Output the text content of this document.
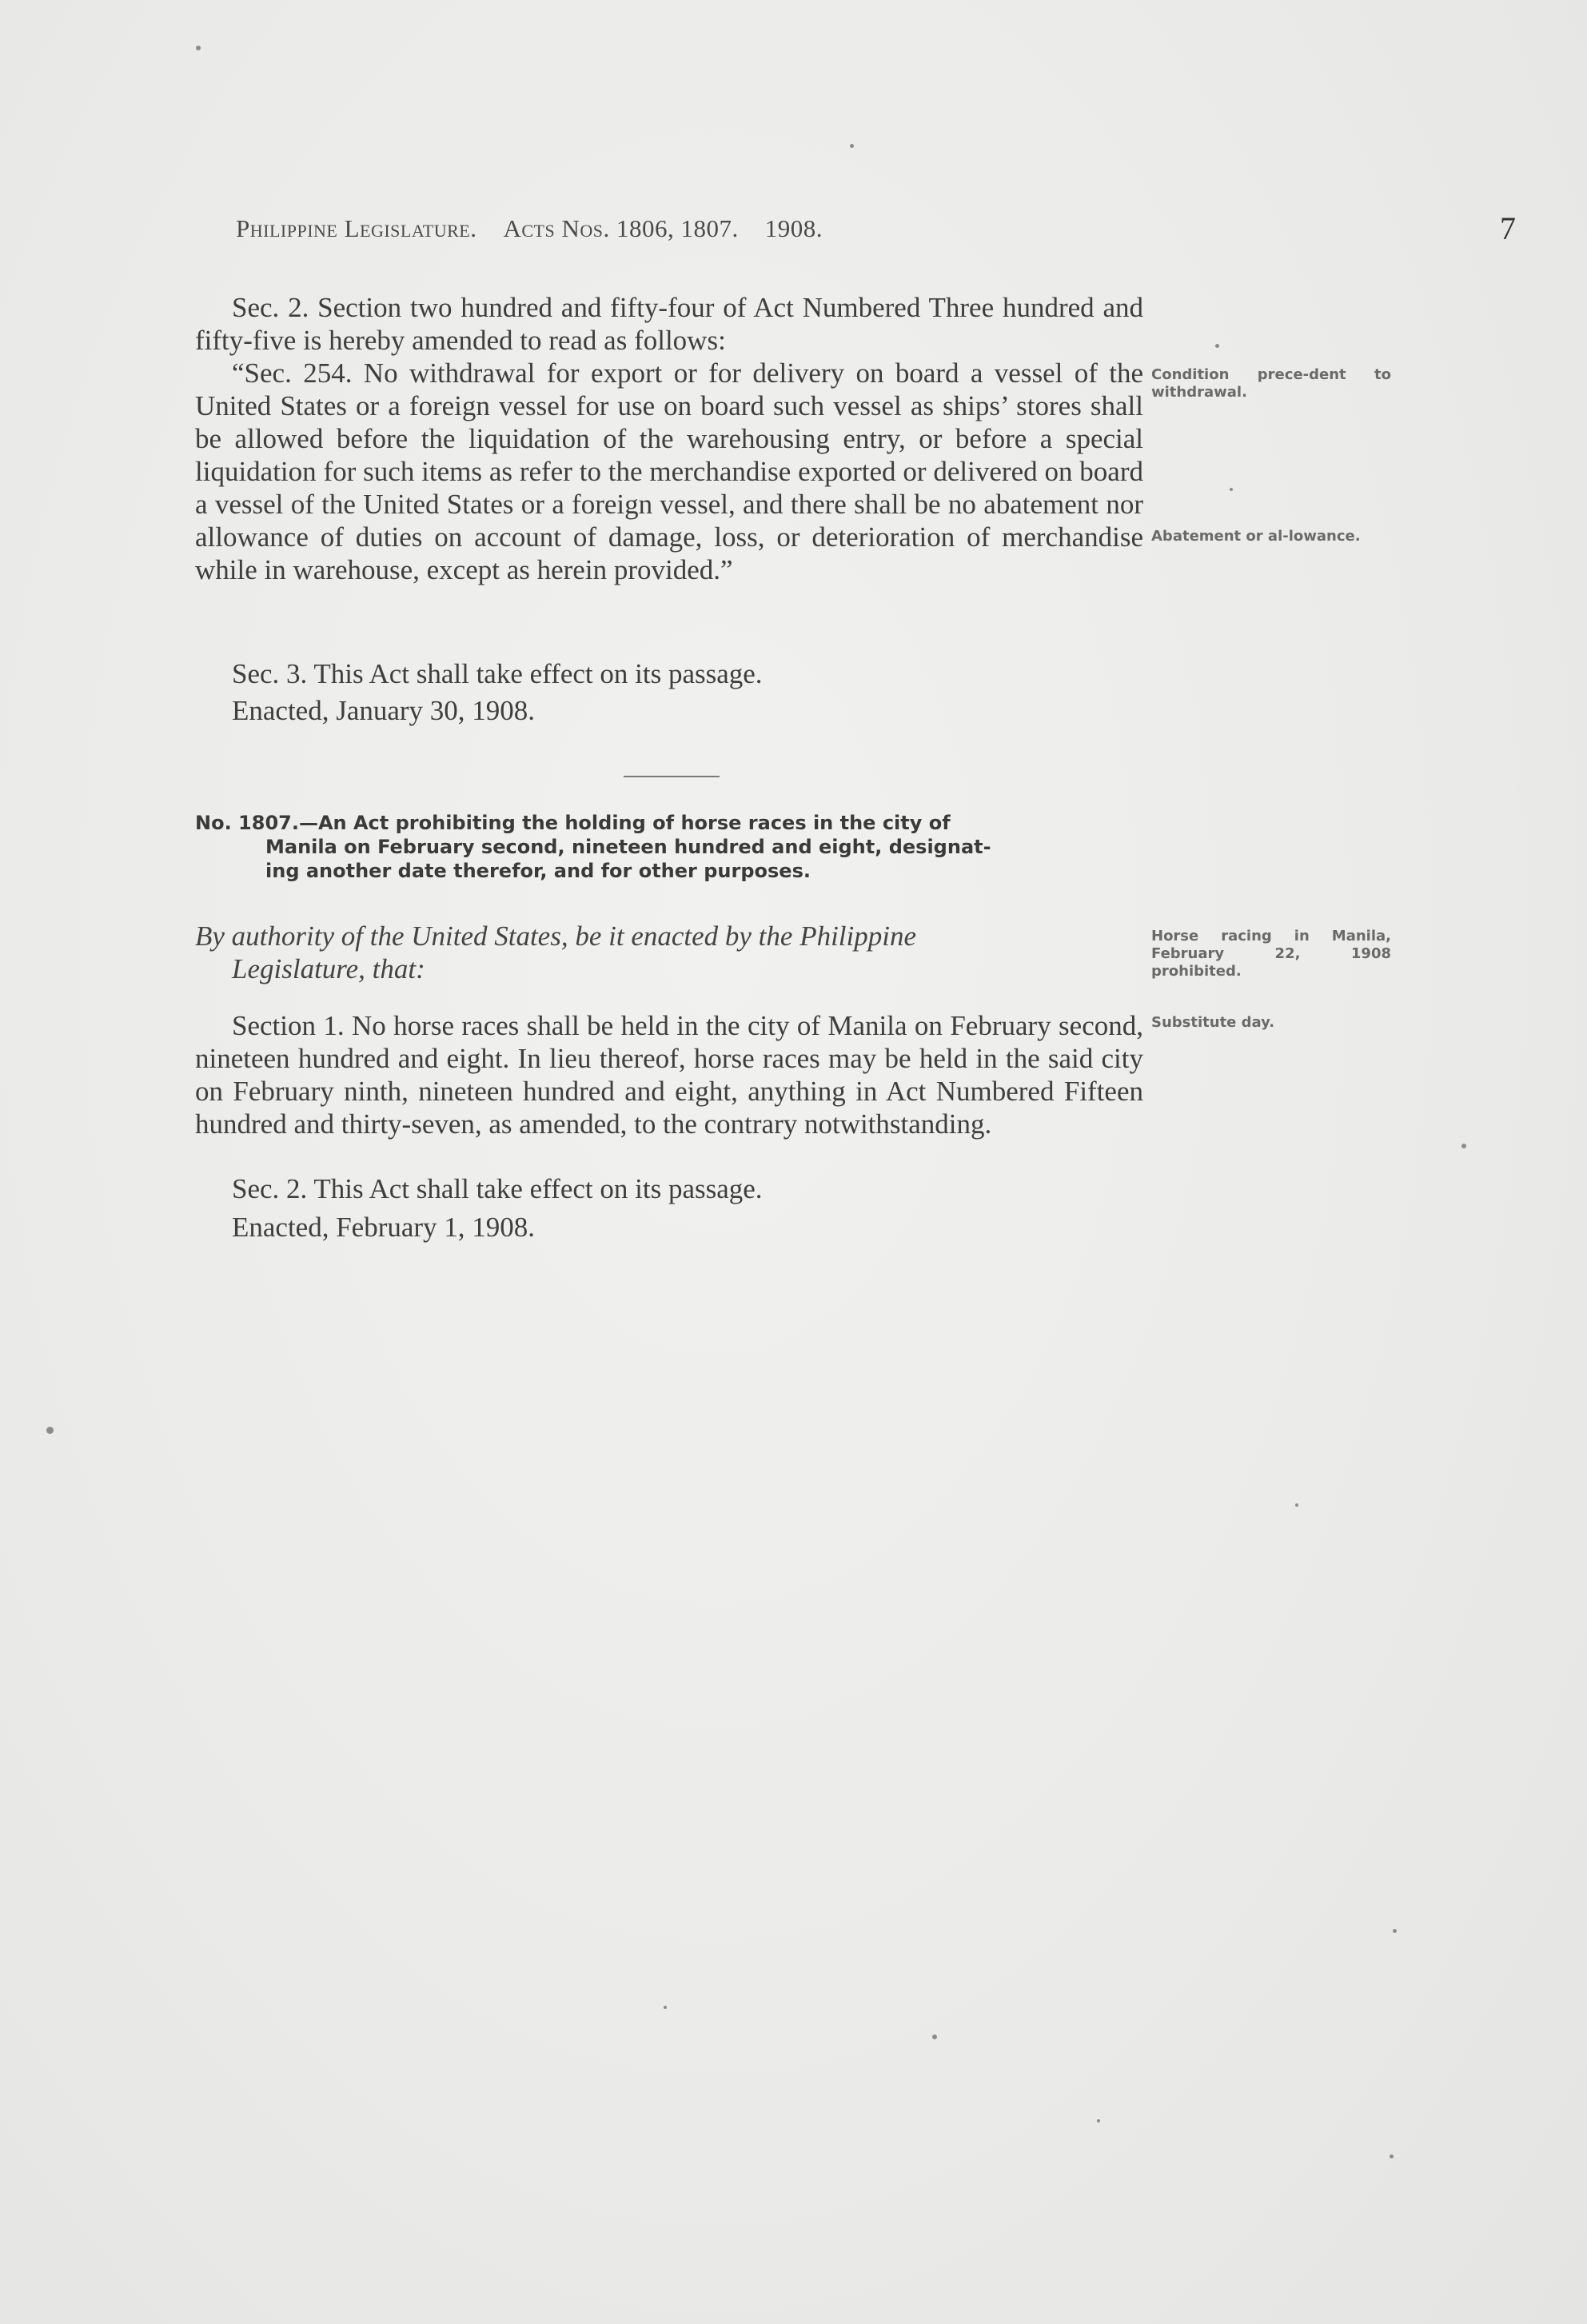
Philippine Legislature. Acts Nos. 1806, 1807. 1908.	7

Sec. 2. Section two hundred and fifty-four of Act Numbered Three hundred and fifty-five is hereby amended to read as follows:

“Sec. 254. No withdrawal for export or for delivery on board a vessel of the United States or a foreign vessel for use on board such vessel as ships’ stores shall be allowed before the liquidation of the warehousing entry, or before a special liquidation for such items as refer to the merchandise exported or delivered on board a vessel of the United States or a foreign vessel, and there shall be no abatement nor allowance of duties on account of damage, loss, or deterioration of merchandise while in warehouse, except as herein provided.”

Sec. 3. This Act shall take effect on its passage.

Enacted, January 30, 1908.

No. 1807.—An Act prohibiting the holding of horse races in the city of
Manila on February second, nineteen hundred and eight, designat-
ing another date therefor, and for other purposes.
By authority of the United States, be it enacted by the Philippine
Legislature, that:

Section 1. No horse races shall be held in the city of Manila on February second, nineteen hundred and eight. In lieu thereof, horse races may be held in the said city on February ninth, nineteen hundred and eight, anything in Act Numbered Fifteen hundred and thirty-seven, as amended, to the contrary notwithstanding.

Sec. 2. This Act shall take effect on its passage.

Enacted, February 1, 1908.

Condition prece-dent to withdrawal.
Abatement or al-lowance.
Horse racing in Manila, February 22, 1908 prohibited.
Substitute day.
